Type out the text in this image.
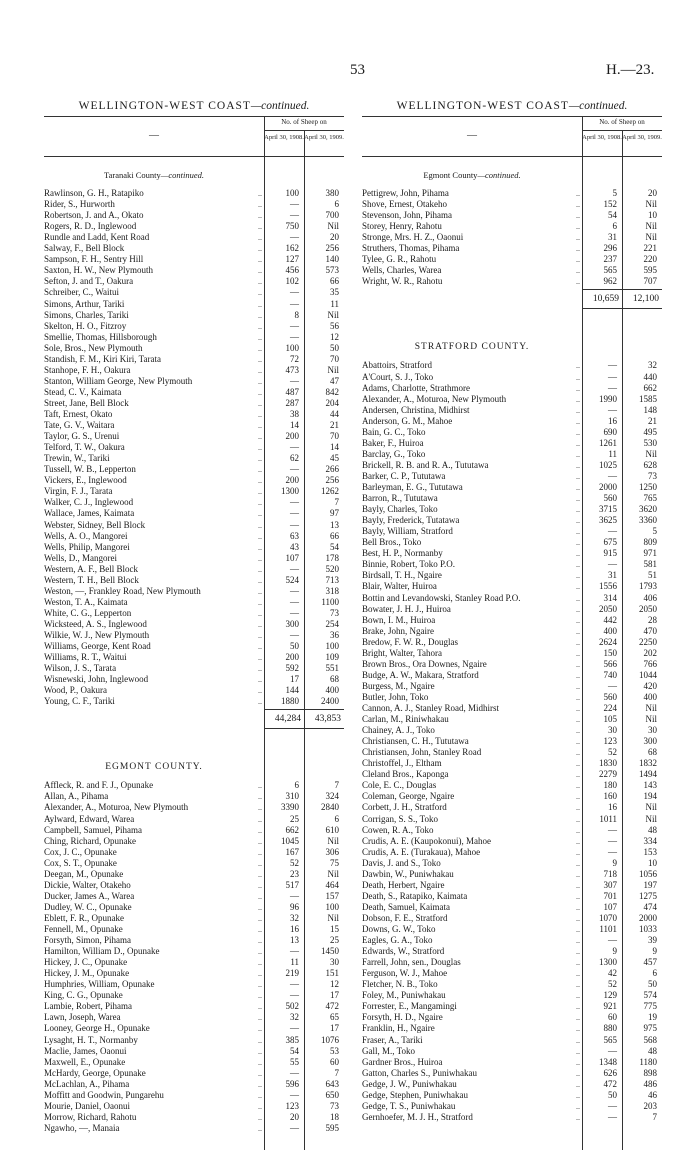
53	H.—23.
WELLINGTON-WEST COAST—continued.
—
No. of Sheep on
April 30, 1908. April 30, 1909.
Taranaki County—continued.
Rawlinson, G. H., Ratapiko	..	100	380
Rider, S., Hurworth	..	—	6
Robertson, J. and A., Okato	..	—	700
Rogers, R. D., Inglewood	..	750	Nil
Rundle and Ladd, Kent Road	..	—	20
Salway, F., Bell Block	..	162	256
Sampson, F. H., Sentry Hill	..	127	140
Saxton, H. W., New Plymouth	..	456	573
Sefton, J. and T., Oakura	..	102	66
Schreiber, C., Waitui	..	—	35
Simons, Arthur, Tariki	..	—	11
Simons, Charles, Tariki	..	8	Nil
Skelton, H. O., Fitzroy	..	—	56
Smellie, Thomas, Hillsborough	..	—	12
Sole, Bros., New Plymouth	..	100	50
Standish, F. M., Kiri Kiri, Tarata	..	72	70
Stanhope, F. H., Oakura	..	473	Nil
Stanton, William George, New Plymouth	..	—	47
Stead, C. V., Kaimata	..	487	842
Street, Jane, Bell Block	..	287	204
Taft, Ernest, Okato	..	38	44
Tate, G. V., Waitara	..	14	21
Taylor, G. S., Urenui	..	200	70
Telford, T. W., Oakura	..	—	14
Trewin, W., Tariki	..	62	45
Tussell, W. B., Lepperton	..	—	266
Vickers, E., Inglewood	..	200	256
Virgin, F. J., Tarata	..	1300	1262
Walker, C. J., Inglewood	..	—	7
Wallace, James, Kaimata	..	—	97
Webster, Sidney, Bell Block	..	—	13
Wells, A. O., Mangorei	..	63	66
Wells, Philip, Mangorei	..	43	54
Wells, D., Mangorei	..	107	178
Western, A. F., Bell Block	..	—	520
Western, T. H., Bell Block	..	524	713
Weston, —, Frankley Road, New Plymouth	..	—	318
Weston, T. A., Kaimata	..	—	1100
White, C. G., Lepperton	..	—	73
Wicksteed, A. S., Inglewood	..	300	254
Wilkie, W. J., New Plymouth	..	—	36
Williams, George, Kent Road	..	50	100
Williams, R. T., Waitui	..	200	109
Wilson, J. S., Tarata	..	592	551
Wisnewski, John, Inglewood	..	17	68
Wood, P., Oakura	..	144	400
Young, C. F., Tariki	..	1880	2400
44,284	43,853
EGMONT COUNTY.
Affleck, R. and F. J., Opunake	..	6	7
Allan, A., Pihama	..	310	324
Alexander, A., Moturoa, New Plymouth	..	3390	2840
Aylward, Edward, Warea	..	25	6
Campbell, Samuel, Pihama	..	662	610
Ching, Richard, Opunake	..	1045	Nil
Cox, J. C., Opunake	..	167	306
Cox, S. T., Opunake	..	52	75
Deegan, M., Opunake	..	23	Nil
Dickie, Walter, Otakeho	..	517	464
Ducker, James A., Warea	..	—	157
Dudley, W. C., Opunake	..	96	100
Eblett, F. R., Opunake	..	32	Nil
Fennell, M., Opunake	..	16	15
Forsyth, Simon, Pihama	..	13	25
Hamilton, William D., Opunake	..	—	1450
Hickey, J. C., Opunake	..	11	30
Hickey, J. M., Opunake	..	219	151
Humphries, William, Opunake	..	—	12
King, C. G., Opunake	..	—	17
Lambie, Robert, Pihama	..	502	472
Lawn, Joseph, Warea	..	32	65
Looney, George H., Opunake	..	—	17
Lysaght, H. T., Normanby	..	385	1076
Maclie, James, Oaonui	..	54	53
Maxwell, E., Opunake	..	55	60
McHardy, George, Opunake	..	—	7
McLachlan, A., Pihama	..	596	643
Moffitt and Goodwin, Pungarehu	..	—	650
Mourie, Daniel, Oaonui	..	123	73
Morrow, Richard, Rahotu	..	20	18
Ngawho, —, Manaia	..	—	595
WELLINGTON-WEST COAST—continued.
—
No. of Sheep on
April 30, 1908. April 30, 1909.
Egmont County—continued.
Pettigrew, John, Pihama	..	5	20
Shove, Ernest, Otakeho	..	152	Nil
Stevenson, John, Pihama	..	54	10
Storey, Henry, Rahotu	..	6	Nil
Stronge, Mrs. H. Z., Oaonui	..	31	Nil
Struthers, Thomas, Pihama	..	296	221
Tylee, G. R., Rahotu	..	237	220
Wells, Charles, Warea	..	565	595
Wright, W. R., Rahotu	..	962	707
10,659	12,100
STRATFORD COUNTY.
Abattoirs, Stratford	..	—	32
A'Court, S. J., Toko	..	—	440
Adams, Charlotte, Strathmore	..	—	662
Alexander, A., Moturoa, New Plymouth	..	1990	1585
Andersen, Christina, Midhirst	..	—	148
Anderson, G. M., Mahoe	..	16	21
Bain, G. C., Toko	..	690	495
Baker, F., Huiroa	..	1261	530
Barclay, G., Toko	..	11	Nil
Brickell, R. B. and R. A., Tututawa	..	1025	628
Barker, C. P., Tututawa	..	—	73
Barleyman, E. G., Tututawa	..	2000	1250
Barron, R., Tututawa	..	560	765
Bayly, Charles, Toko	..	3715	3620
Bayly, Frederick, Tutatawa	..	3625	3360
Bayly, William, Stratford	..	—	5
Bell Bros., Toko	..	675	809
Best, H. P., Normanby	..	915	971
Binnie, Robert, Toko P.O.	..	—	581
Birdsall, T. H., Ngaire	..	31	51
Blair, Walter, Huiroa	..	1556	1793
Bottin and Levandowski, Stanley Road P.O.	..	314	406
Bowater, J. H. J., Huiroa	..	2050	2050
Bown, I. M., Huiroa	..	442	28
Brake, John, Ngaire	..	400	470
Bredow, F. W. R., Douglas	..	2624	2250
Bright, Walter, Tahora	..	150	202
Brown Bros., Ora Downes, Ngaire	..	566	766
Budge, A. W., Makara, Stratford	..	740	1044
Burgess, M., Ngaire	..	—	420
Butler, John, Toko	..	560	400
Cannon, A. J., Stanley Road, Midhirst	..	224	Nil
Carlan, M., Riniwhakau	..	105	Nil
Chainey, A. J., Toko	..	30	30
Christiansen, C. H., Tututawa	..	123	300
Christiansen, John, Stanley Road	..	52	68
Christoffel, J., Eltham	..	1830	1832
Cleland Bros., Kaponga	..	2279	1494
Cole, E. C., Douglas	..	180	143
Coleman, George, Ngaire	..	160	194
Corbett, J. H., Stratford	..	16	Nil
Corrigan, S. S., Toko	..	1011	Nil
Cowen, R. A., Toko	..	—	48
Crudis, A. E. (Kaupokonui), Mahoe	..	—	334
Crudis, A. E. (Turakaua), Mahoe	..	—	153
Davis, J. and S., Toko	..	9	10
Dawbin, W., Puniwhakau	..	718	1056
Death, Herbert, Ngaire	..	307	197
Death, S., Ratapiko, Kaimata	..	701	1275
Death, Samuel, Kaimata	..	107	474
Dobson, F. E., Stratford	..	1070	2000
Downs, G. W., Toko	..	1101	1033
Eagles, G. A., Toko	..	—	39
Edwards, W., Stratford	..	9	9
Farrell, John, sen., Douglas	..	1300	457
Ferguson, W. J., Mahoe	..	42	6
Fletcher, N. B., Toko	..	52	50
Foley, M., Puniwhakau	..	129	574
Forrester, E., Mangamingi	..	921	775
Forsyth, H. D., Ngaire	..	60	19
Franklin, H., Ngaire	..	880	975
Fraser, A., Tariki	..	565	568
Gall, M., Toko	..	—	48
Gardner Bros., Huiroa	..	1348	1180
Gatton, Charles S., Puniwhakau	..	626	898
Gedge, J. W., Puniwhakau	..	472	486
Gedge, Stephen, Puniwhakau	..	50	46
Gedge, T. S., Puniwhakau	..	—	203
Gernhoefer, M. J. H., Stratford	..	—	7
